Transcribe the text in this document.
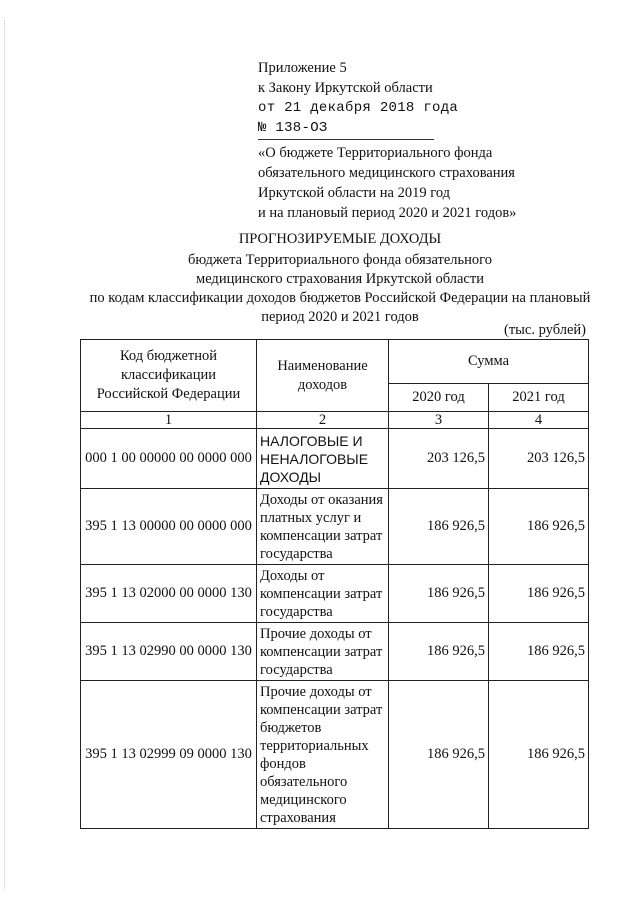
Приложение 5
к Закону Иркутской области
от 21 декабря 2018 года
№ 138-ОЗ
«О бюджете Территориального фонда
обязательного медицинского страхования
Иркутской области на 2019 год
и на плановый период 2020 и 2021 годов»
ПРОГНОЗИРУЕМЫЕ ДОХОДЫ
бюджета Территориального фонда обязательного
медицинского страхования Иркутской области
по кодам классификации доходов бюджетов Российской Федерации на плановый
период 2020 и 2021 годов
(тыс. рублей)
Код бюджетной классификации Российской Федерации	Наименование доходов	Сумма	
		2020 год	2021 год
1	2	3	4
000 1 00 00000 00 0000 000	НАЛОГОВЫЕ И НЕНАЛОГОВЫЕ ДОХОДЫ	203 126,5	203 126,5
395 1 13 00000 00 0000 000	Доходы от оказания платных услуг и компенсации затрат государства	186 926,5	186 926,5
395 1 13 02000 00 0000 130	Доходы от компенсации затрат государства	186 926,5	186 926,5
395 1 13 02990 00 0000 130	Прочие доходы от компенсации затрат государства	186 926,5	186 926,5
395 1 13 02999 09 0000 130	Прочие доходы от компенсации затрат бюджетов территориальных фондов обязательного медицинского страхования	186 926,5	186 926,5
